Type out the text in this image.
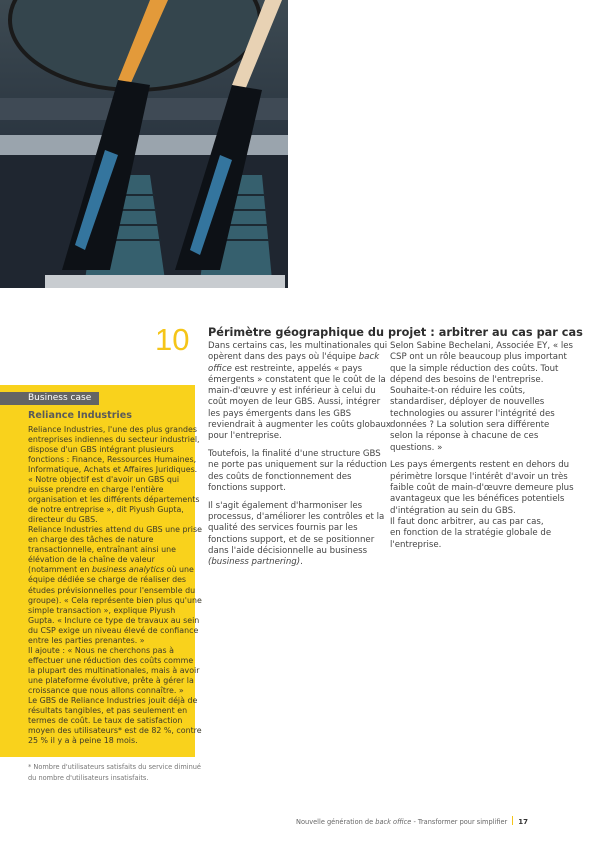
10 Périmètre géographique du projet : arbitrer au cas par cas
Dans certains cas, les multinationales qui
opèrent dans des pays où l'équipe back
office est restreinte, appelés « pays
émergents » constatent que le coût de la
main-d'œuvre y est inférieur à celui du
coût moyen de leur GBS. Aussi, intégrer
les pays émergents dans les GBS
reviendrait à augmenter les coûts globaux
pour l'entreprise.
Toutefois, la finalité d'une structure GBS
ne porte pas uniquement sur la réduction
des coûts de fonctionnement des
fonctions support.
Il s'agit également d'harmoniser les
processus, d'améliorer les contrôles et la
qualité des services fournis par les
fonctions support, et de se positionner
dans l'aide décisionnelle au business
(business partnering).
Selon Sabine Bechelani, Associée EY, « les
CSP ont un rôle beaucoup plus important
que la simple réduction des coûts. Tout
dépend des besoins de l'entreprise.
Souhaite-t-on réduire les coûts,
standardiser, déployer de nouvelles
technologies ou assurer l'intégrité des
données ? La solution sera différente
selon la réponse à chacune de ces
questions. »
Les pays émergents restent en dehors du
périmètre lorsque l'intérêt d'avoir un très
faible coût de main-d'œuvre demeure plus
avantageux que les bénéfices potentiels
d'intégration au sein du GBS.
Il faut donc arbitrer, au cas par cas,
en fonction de la stratégie globale de
l'entreprise.
Business case
Reliance Industries
Reliance Industries, l'une des plus grandes
entreprises indiennes du secteur industriel,
dispose d'un GBS intégrant plusieurs
fonctions : Finance, Ressources Humaines,
Informatique, Achats et Affaires Juridiques.
« Notre objectif est d'avoir un GBS qui
puisse prendre en charge l'entière
organisation et les différents départements
de notre entreprise », dit Piyush Gupta,
directeur du GBS.
Reliance Industries attend du GBS une prise
en charge des tâches de nature
transactionnelle, entraînant ainsi une
élévation de la chaîne de valeur
(notamment en business analytics où une
équipe dédiée se charge de réaliser des
études prévisionnelles pour l'ensemble du
groupe). « Cela représente bien plus qu'une
simple transaction », explique Piyush
Gupta. « Inclure ce type de travaux au sein
du CSP exige un niveau élevé de confiance
entre les parties prenantes. »
Il ajoute : « Nous ne cherchons pas à
effectuer une réduction des coûts comme
la plupart des multinationales, mais à avoir
une plateforme évolutive, prête à gérer la
croissance que nous allons connaître. »
Le GBS de Reliance Industries jouit déjà de
résultats tangibles, et pas seulement en
termes de coût. Le taux de satisfaction
moyen des utilisateurs* est de 82 %, contre
25 % il y a à peine 18 mois.
* Nombre d'utilisateurs satisfaits du service diminué
du nombre d'utilisateurs insatisfaits.
Nouvelle génération de back office - Transformer pour simplifier 17
